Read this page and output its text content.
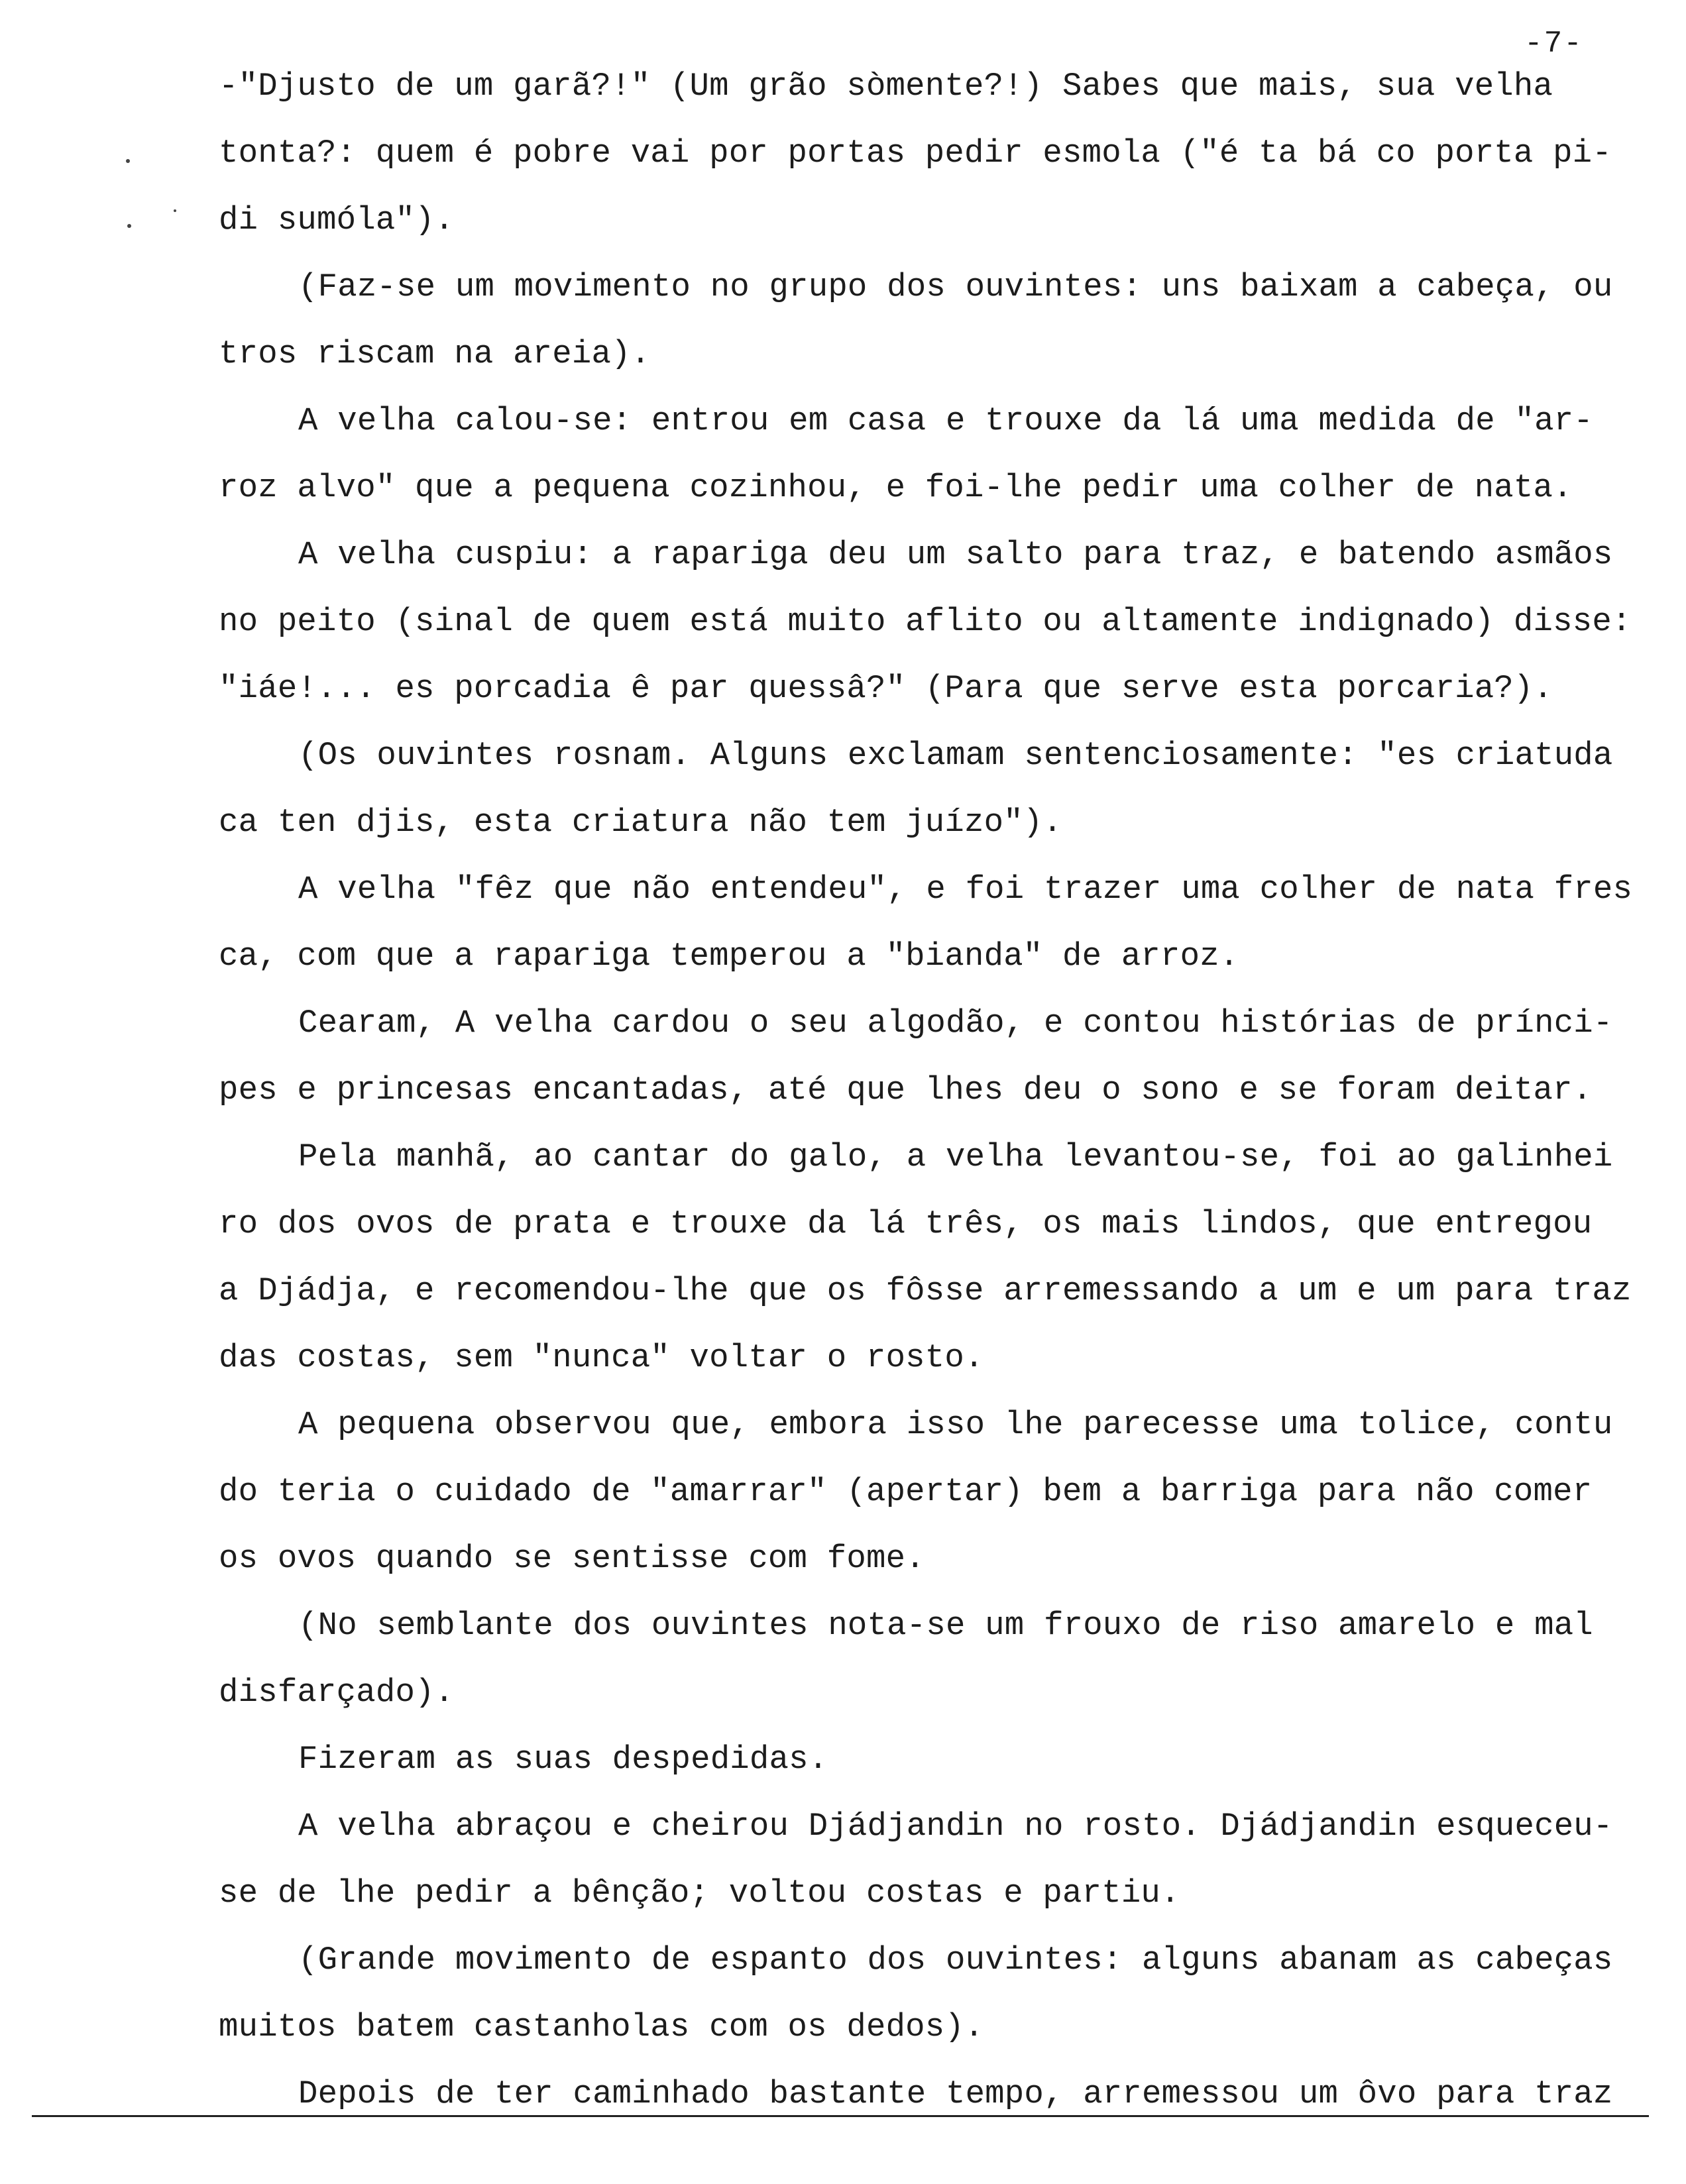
-7-
-"Djusto de um garã?!" (Um grão sòmente?!) Sabes que mais, sua velha
tonta?: quem é pobre vai por portas pedir esmola ("é ta bá co porta pi-
di sumóla").
(Faz-se um movimento no grupo dos ouvintes: uns baixam a cabeça, ou
tros riscam na areia).
A velha calou-se: entrou em casa e trouxe da lá uma medida de "ar-
roz alvo" que a pequena cozinhou, e foi-lhe pedir uma colher de nata.
A velha cuspiu: a rapariga deu um salto para traz, e batendo asmãos
no peito (sinal de quem está muito aflito ou altamente indignado) disse:
"iáe!... es porcadia ê par quessâ?" (Para que serve esta porcaria?).
(Os ouvintes rosnam. Alguns exclamam sentenciosamente: "es criatuda
ca ten djis, esta criatura não tem juízo").
A velha "fêz que não entendeu", e foi trazer uma colher de nata fres
ca, com que a rapariga temperou a "bianda" de arroz.
Cearam, A velha cardou o seu algodão, e contou histórias de prínci-
pes e princesas encantadas, até que lhes deu o sono e se foram deitar.
Pela manhã, ao cantar do galo, a velha levantou-se, foi ao galinhei
ro dos ovos de prata e trouxe da lá três, os mais lindos, que entregou
a Djádja, e recomendou-lhe que os fôsse arremessando a um e um para traz
das costas, sem "nunca" voltar o rosto.
A pequena observou que, embora isso lhe parecesse uma tolice, contu
do teria o cuidado de "amarrar" (apertar) bem a barriga para não comer
os ovos quando se sentisse com fome.
(No semblante dos ouvintes nota-se um frouxo de riso amarelo e mal
disfarçado).
Fizeram as suas despedidas.
A velha abraçou e cheirou Djádjandin no rosto. Djádjandin esqueceu-
se de lhe pedir a bênção; voltou costas e partiu.
(Grande movimento de espanto dos ouvintes: alguns abanam as cabeças
muitos batem castanholas com os dedos).
Depois de ter caminhado bastante tempo, arremessou um ôvo para traz
